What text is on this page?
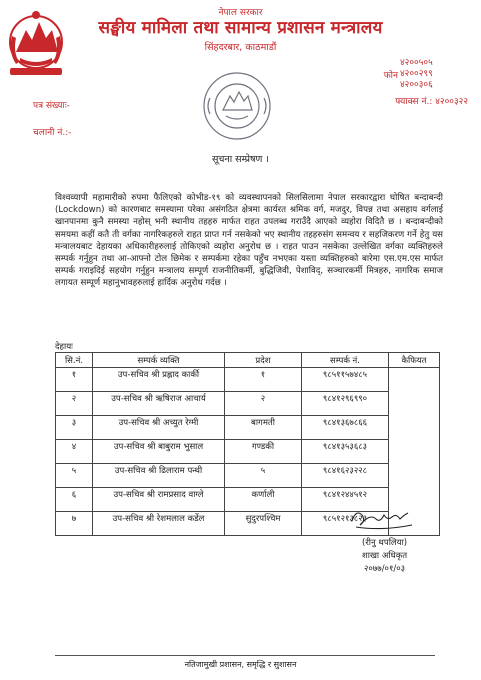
नेपाल सरकार
सङ्घीय मामिला तथा सामान्य प्रशासन मन्त्रालय
सिंहदरबार, काठमाडौं
फोन
४२००५०५
४२००२९९
४२००३०६
फ्याक्स नं.: ४२००३२२
पत्र संख्याः-
चलानी नं.:-
सूचना सम्प्रेषण ।
विश्वव्यापी महामारीको रुपमा फैलिएको कोभीड-१९ को व्यवस्थापनको सिलसिलामा नेपाल सरकारद्वारा घोषित बन्दाबन्दी (Lockdown) को कारणबाट समस्यामा परेका असंगठित क्षेत्रमा कार्यरत श्रमिक वर्ग, मजदुर, विपन्न तथा असहाय वर्गलाई खानपानमा कुनै समस्या नहोस् भनी स्थानीय तहहरु मार्फत राहत उपलब्ध गराउँदै आएको व्यहोरा विदितै छ । बन्दाबन्दीको समयमा कहीं कतै ती वर्गका नागरिकहरुले राहत प्राप्त गर्न नसकेको भए स्थानीय तहहरुसंग समन्वय र सहजिकरण गर्ने हेतु यस मन्त्रालयबाट देहायका अधिकारीहरुलाई तोकिएको व्यहोरा अनुरोध छ । राहत पाउन नसकेका उल्लेखित वर्गका व्यक्तिहरुले सम्पर्क गर्नुहुन तथा आ-आफ्नो टोल छिमेक र सम्पर्कमा रहेका पहुँच नभएका यस्ता व्यक्तिहरुको बारेमा एस.एम.एस मार्फत सम्पर्क गराइदिई सहयोग गर्नुहुन मन्त्रालय सम्पूर्ण राजनीतिकर्मी, बुद्धिजिवी, पेशाविद्, सञ्चारकर्मी मित्रहरु, नागरिक समाज लगायत सम्पूर्ण महानुभावहरुलाई हार्दिक अनुरोध गर्दछ ।
देहायः
सि.नं.	सम्पर्क व्यक्ति	प्रदेश	सम्पर्क नं.	कैफियत
१	उप-सचिव श्री प्रह्लाद कार्की	१	९८५११५७४८५	
२	उप-सचिव श्री ऋषिराज आचार्य	२	९८४१२९६९९०	
३	उप-सचिव श्री अच्युत रेग्मी	बागमती	९८४१३६७८६६	
४	उप-सचिव श्री बाबुराम भुसाल	गण्डकी	९८४१३५३६८३	
५	उप-सचिव श्री ढिलाराम पन्थी	५	९८४१६२३२२८	
६	उप-सचिव श्री रामप्रसाद वाग्ले	कर्णाली	९८४१२४४५१२	
७	उप-सचिव श्री रेशमलाल कर्डेल	सुदुरपश्चिम	९८५१२१३८२३	
(रीनु थपलिया)
शाखा अधिकृत
२०७७/०१/०३
नतिजामुखी प्रशासन, समृद्धि र सुशासन
